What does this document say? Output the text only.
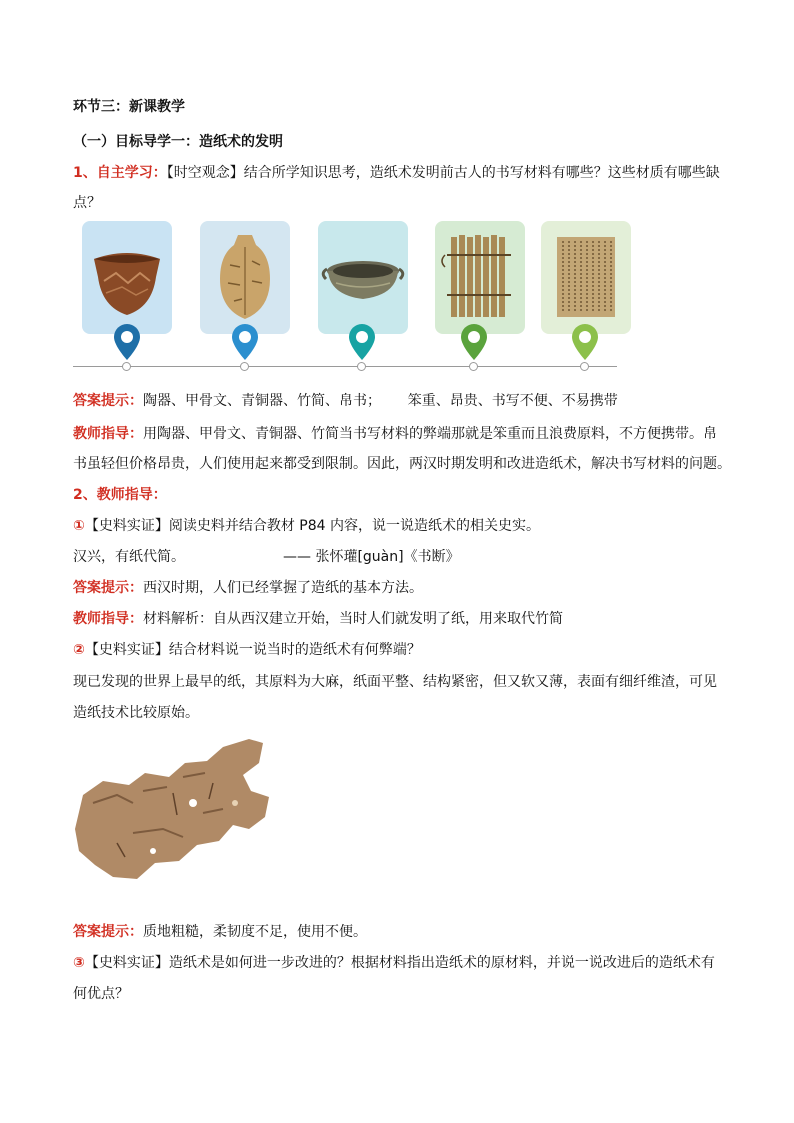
环节三：新课教学
（一）目标导学一：造纸术的发明
1、自主学习：【时空观念】结合所学知识思考，造纸术发明前古人的书写材料有哪些？这些材质有哪些缺
点？
答案提示：陶器、甲骨文、青铜器、竹简、帛书；      笨重、昂贵、书写不便、不易携带
教师指导：用陶器、甲骨文、青铜器、竹简当书写材料的弊端那就是笨重而且浪费原料，不方便携带。帛
书虽轻但价格昂贵，人们使用起来都受到限制。因此，两汉时期发明和改进造纸术，解决书写材料的问题。
2、教师指导：
①【史料实证】阅读史料并结合教材 P84 内容，说一说造纸术的相关史实。
汉兴，有纸代简。	—— 张怀瓘[guàn]《书断》
答案提示：西汉时期，人们已经掌握了造纸的基本方法。
教师指导：材料解析：自从西汉建立开始，当时人们就发明了纸，用来取代竹简
②【史料实证】结合材料说一说当时的造纸术有何弊端？
现已发现的世界上最早的纸，其原料为大麻，纸面平整、结构紧密，但又软又薄，表面有细纤维渣，可见
造纸技术比较原始。
答案提示：质地粗糙，柔韧度不足，使用不便。
③【史料实证】造纸术是如何进一步改进的？根据材料指出造纸术的原材料，并说一说改进后的造纸术有
何优点？
